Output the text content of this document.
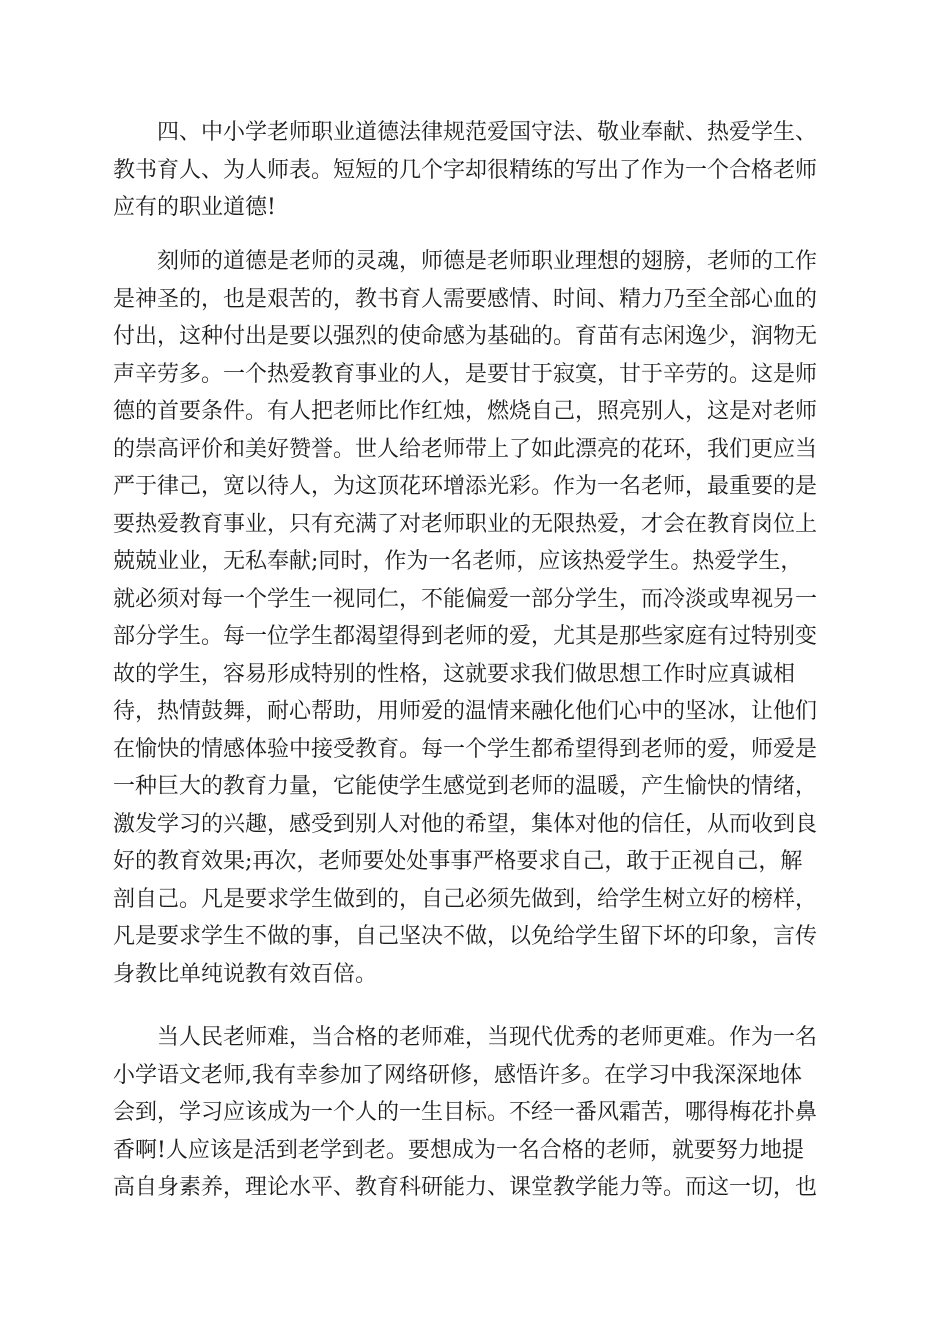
四、中小学老师职业道德法律规范爱国守法、敬业奉献、热爱学生、
教书育人、为人师表。短短的几个字却很精练的写出了作为一个合格老师
应有的职业道德!
刻师的道德是老师的灵魂，师德是老师职业理想的翅膀，老师的工作
是神圣的，也是艰苦的，教书育人需要感情、时间、精力乃至全部心血的
付出，这种付出是要以强烈的使命感为基础的。育苗有志闲逸少，润物无
声辛劳多。一个热爱教育事业的人，是要甘于寂寞，甘于辛劳的。这是师
德的首要条件。有人把老师比作红烛，燃烧自己，照亮别人，这是对老师
的崇高评价和美好赞誉。世人给老师带上了如此漂亮的花环，我们更应当
严于律己，宽以待人，为这顶花环增添光彩。作为一名老师，最重要的是
要热爱教育事业，只有充满了对老师职业的无限热爱，才会在教育岗位上
兢兢业业，无私奉献;同时，作为一名老师，应该热爱学生。热爱学生，
就必须对每一个学生一视同仁，不能偏爱一部分学生，而冷淡或卑视另一
部分学生。每一位学生都渴望得到老师的爱，尤其是那些家庭有过特别变
故的学生，容易形成特别的性格，这就要求我们做思想工作时应真诚相
待，热情鼓舞，耐心帮助，用师爱的温情来融化他们心中的坚冰，让他们
在愉快的情感体验中接受教育。每一个学生都希望得到老师的爱，师爱是
一种巨大的教育力量，它能使学生感觉到老师的温暖，产生愉快的情绪，
激发学习的兴趣，感受到别人对他的希望，集体对他的信任，从而收到良
好的教育效果;再次，老师要处处事事严格要求自己，敢于正视自己，解
剖自己。凡是要求学生做到的，自己必须先做到，给学生树立好的榜样，
凡是要求学生不做的事，自己坚决不做，以免给学生留下坏的印象，言传
身教比单纯说教有效百倍。
当人民老师难，当合格的老师难，当现代优秀的老师更难。作为一名
小学语文老师,我有幸参加了网络研修，感悟许多。在学习中我深深地体
会到，学习应该成为一个人的一生目标。不经一番风霜苦，哪得梅花扑鼻
香啊!人应该是活到老学到老。要想成为一名合格的老师，就要努力地提
高自身素养，理论水平、教育科研能力、课堂教学能力等。而这一切，也
